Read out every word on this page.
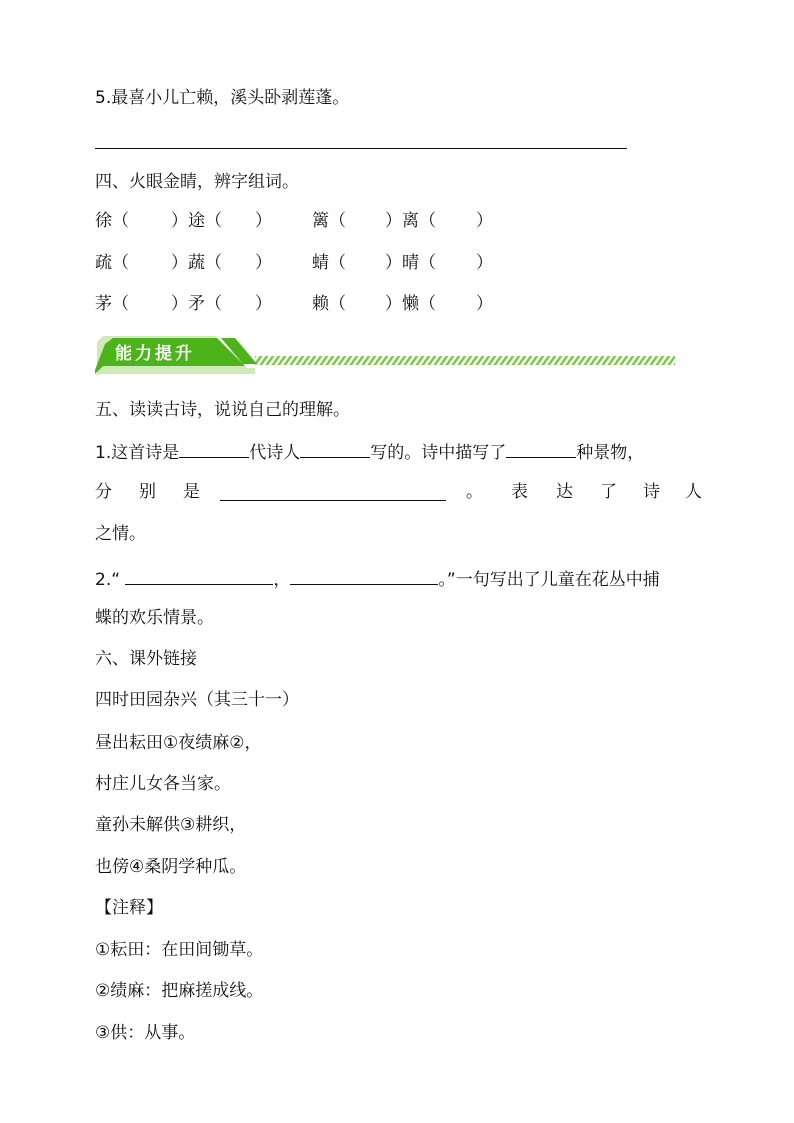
5.最喜小儿亡赖，溪头卧剥莲蓬。
四、火眼金睛，辨字组词。
徐（ ）途（ ） 篱（ ）离（ ）
疏（ ）蔬（ ） 蜻（ ）晴（ ）
茅（ ）矛（ ） 赖（ ）懒（ ）
能力提升
五、读读古诗，说说自己的理解。
1.这首诗是	代诗人	写的。诗中描写了	种景物，
分 别 是	。 表 达 了 诗 人
之情。
2.“	，	。”一句写出了儿童在花丛中捕
蝶的欢乐情景。
六、课外链接
四时田园杂兴（其三十一）
昼出耘田①夜绩麻②，
村庄儿女各当家。
童孙未解供③耕织，
也傍④桑阴学种瓜。
【注释】
①耘田：在田间锄草。
②绩麻：把麻搓成线。
③供：从事。
